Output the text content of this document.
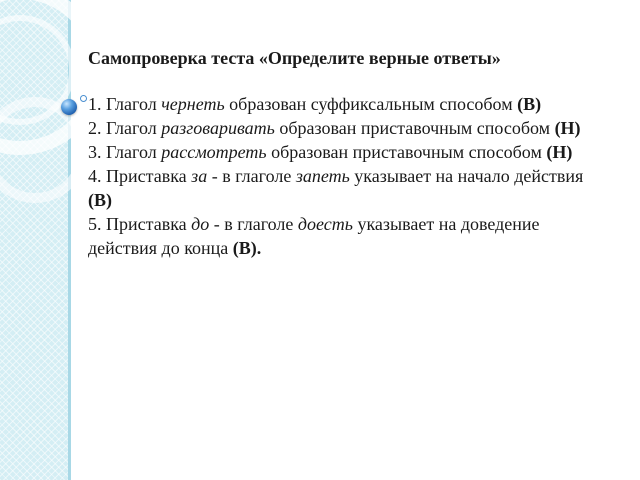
Самопроверка теста «Определите верные ответы»

1. Глагол чернеть образован суффиксальным способом (В)

2. Глагол разговаривать образован приставочным способом (Н)

3. Глагол рассмотреть образован приставочным способом (Н)

4. Приставка за - в глаголе запеть указывает на начало действия (В)

5. Приставка до - в глаголе доесть указывает на доведение действия до конца (В).
